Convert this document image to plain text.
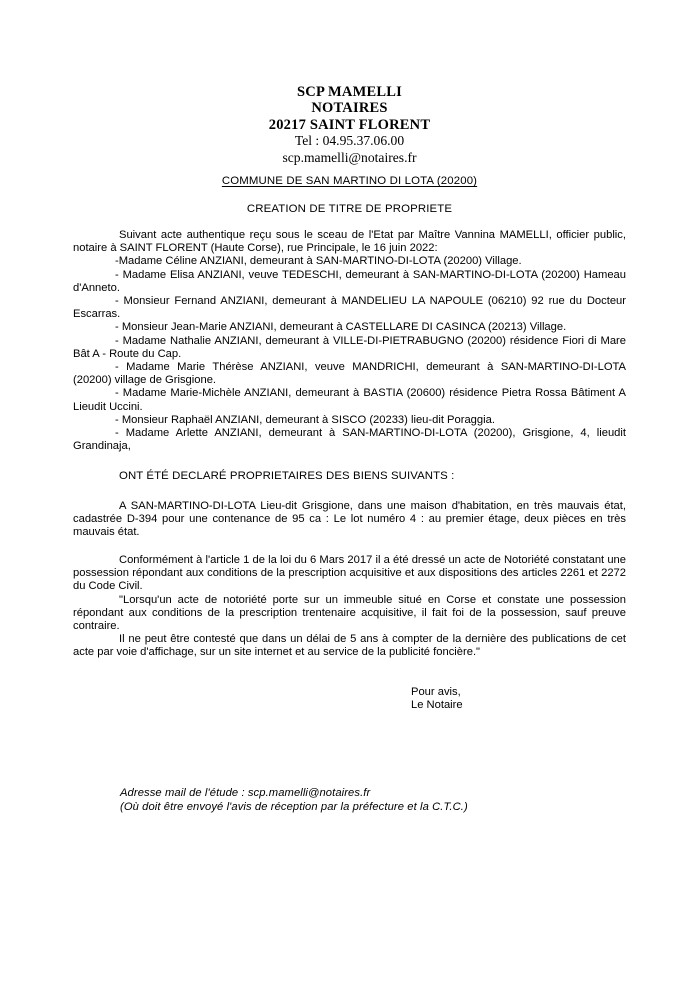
SCP MAMELLI
NOTAIRES
20217 SAINT FLORENT
Tel : 04.95.37.06.00
scp.mamelli@notaires.fr
COMMUNE DE SAN MARTINO DI LOTA (20200)
CREATION DE TITRE DE PROPRIETE

Suivant acte authentique reçu sous le sceau de l'Etat par Maître Vannina MAMELLI, officier public, notaire à SAINT FLORENT (Haute Corse), rue Principale, le 16 juin 2022:

-Madame Céline ANZIANI, demeurant à SAN-MARTINO-DI-LOTA (20200) Village.

- Madame Elisa ANZIANI, veuve TEDESCHI, demeurant à SAN-MARTINO-DI-LOTA (20200) Hameau d'Anneto.

- Monsieur Fernand ANZIANI, demeurant à MANDELIEU LA NAPOULE (06210) 92 rue du Docteur Escarras.

- Monsieur Jean-Marie ANZIANI, demeurant à CASTELLARE DI CASINCA (20213) Village.

- Madame Nathalie ANZIANI, demeurant à VILLE-DI-PIETRABUGNO (20200) résidence Fiori di Mare Bât A - Route du Cap.

- Madame Marie Thérèse ANZIANI, veuve MANDRICHI, demeurant à SAN-MARTINO-DI-LOTA (20200) village de Grisgione.

- Madame Marie-Michèle ANZIANI, demeurant à BASTIA (20600) résidence Pietra Rossa Bâtiment A Lieudit Uccini.

- Monsieur Raphaël ANZIANI, demeurant à SISCO (20233) lieu-dit Poraggia.

- Madame Arlette ANZIANI, demeurant à SAN-MARTINO-DI-LOTA (20200), Grisgione, 4, lieudit Grandinaja,

ONT ÉTÉ DECLARÉ PROPRIETAIRES DES BIENS SUIVANTS :

A SAN-MARTINO-DI-LOTA Lieu-dit Grisgione, dans une maison d'habitation, en très mauvais état, cadastrée D-394 pour une contenance de 95 ca : Le lot numéro 4 : au premier étage, deux pièces en très mauvais état.

Conformément à l'article 1 de la loi du 6 Mars 2017 il a été dressé un acte de Notoriété constatant une possession répondant aux conditions de la prescription acquisitive et aux dispositions des articles 2261 et 2272 du Code Civil.

"Lorsqu'un acte de notoriété porte sur un immeuble situé en Corse et constate une possession répondant aux conditions de la prescription trentenaire acquisitive, il fait foi de la possession, sauf preuve contraire.

Il ne peut être contesté que dans un délai de 5 ans à compter de la dernière des publications de cet acte par voie d'affichage, sur un site internet et au service de la publicité foncière."

Pour avis,
Le Notaire
Adresse mail de l'étude : scp.mamelli@notaires.fr
(Où doit être envoyé l'avis de réception par la préfecture et la C.T.C.)
